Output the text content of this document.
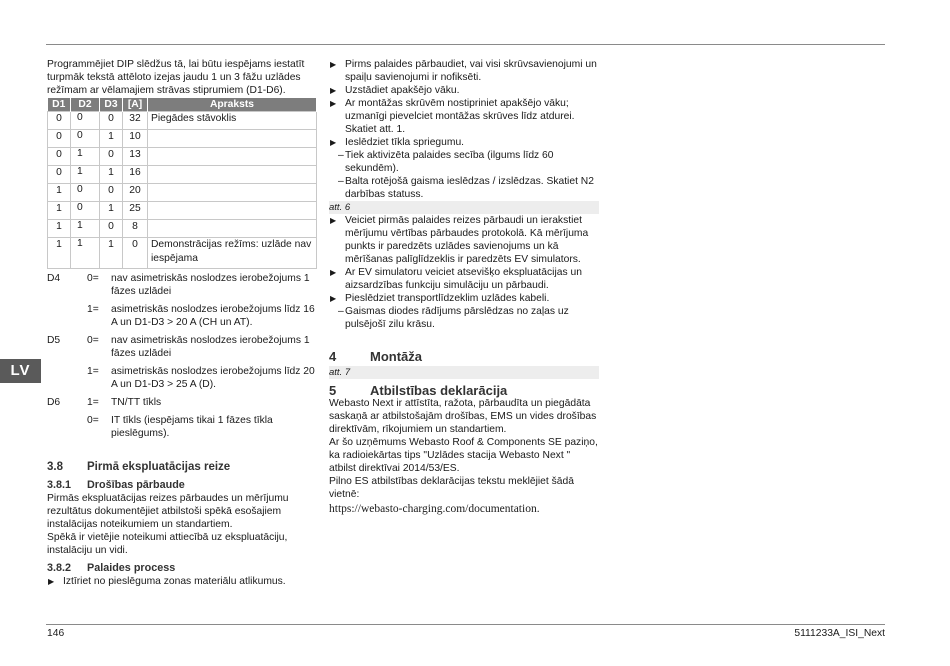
LV

Programmējiet DIP slēdžus tā, lai būtu iespējams iestatīt turpmāk tekstā attēloto izejas jaudu 1 un 3 fāžu uzlādes režīmam ar vēlamajiem strāvas stiprumiem (D1-D6).

D1	D2	D3	[A]	Apraksts
0	0	0	32	Piegādes stāvoklis
0	0	1	10	
0	1	0	13	
0	1	1	16	
1	0	0	20	
1	0	1	25	
1	1	0	8	
1	1	1	0	Demonstrācijas režīms: uzlāde nav iespējama
D4	0= nav asimetriskās noslodzes ierobežojums 1 fāzes uzlādei
1= asimetriskās noslodzes ierobežojums līdz 16 A un D1-D3 > 20 A (CH un AT).
D5	0= nav asimetriskās noslodzes ierobežojums 1 fāzes uzlādei
1= asimetriskās noslodzes ierobežojums līdz 20 A un D1-D3 > 25 A (D).
D6	1= TN/TT tīkls
0= IT tīkls (iespējams tikai 1 fāzes tīkla pieslēgums).
3.8 Pirmā ekspluatācijas reize
3.8.1 Drošības pārbaude

Pirmās ekspluatācijas reizes pārbaudes un mērījumu rezultātus dokumentējiet atbilstoši spēkā esošajiem instalācijas noteikumiem un standartiem.

Spēkā ir vietējie noteikumi attiecībā uz ekspluatāciju, instalāciju un vidi.

3.8.2 Palaides process

▶ Iztīriet no pieslēguma zonas materiālu atlikumus.

▶ Pirms palaides pārbaudiet, vai visi skrūvsavienojumi un spaiļu savienojumi ir nofiksēti.

▶ Uzstādiet apakšējo vāku.

▶ Ar montāžas skrūvēm nostipriniet apakšējo vāku; uzmanīgi pievelciet montāžas skrūves līdz atdurei. Skatiet att. 1.

▶ Ieslēdziet tīkla spriegumu.

– Tiek aktivizēta palaides secība (ilgums līdz 60 sekundēm).

– Balta rotējošā gaisma ieslēdzas / izslēdzas. Skatiet N2 darbības statuss.

att. 6

▶ Veiciet pirmās palaides reizes pārbaudi un ierakstiet mērījumu vērtības pārbaudes protokolā. Kā mērījuma punkts ir paredzēts uzlādes savienojums un kā mērīšanas palīglīdzeklis ir paredzēts EV simulators.

▶ Ar EV simulatoru veiciet atsevišķo ekspluatācijas un aizsardzības funkciju simulāciju un pārbaudi.

▶ Pieslēdziet transportlīdzeklim uzlādes kabeli.

– Gaismas diodes rādījums pārslēdzas no zaļas uz pulsējošī zilu krāsu.

4	Montāža
att. 7
5	Atbilstības deklarācija

Webasto Next ir attīstīta, ražota, pārbaudīta un piegādāta saskaņā ar atbilstošajām drošības, EMS un vides drošības direktīvām, rīkojumiem un standartiem.

Ar šo uzņēmums Webasto Roof & Components SE paziņo, ka radioiekārtas tips "Uzlādes stacija Webasto Next " atbilst direktīvai 2014/53/ES.

Pilno ES atbilstības deklarācijas tekstu meklējiet šādā vietnē:

https://webasto-charging.com/documentation.

146	5111233A_ISI_Next
